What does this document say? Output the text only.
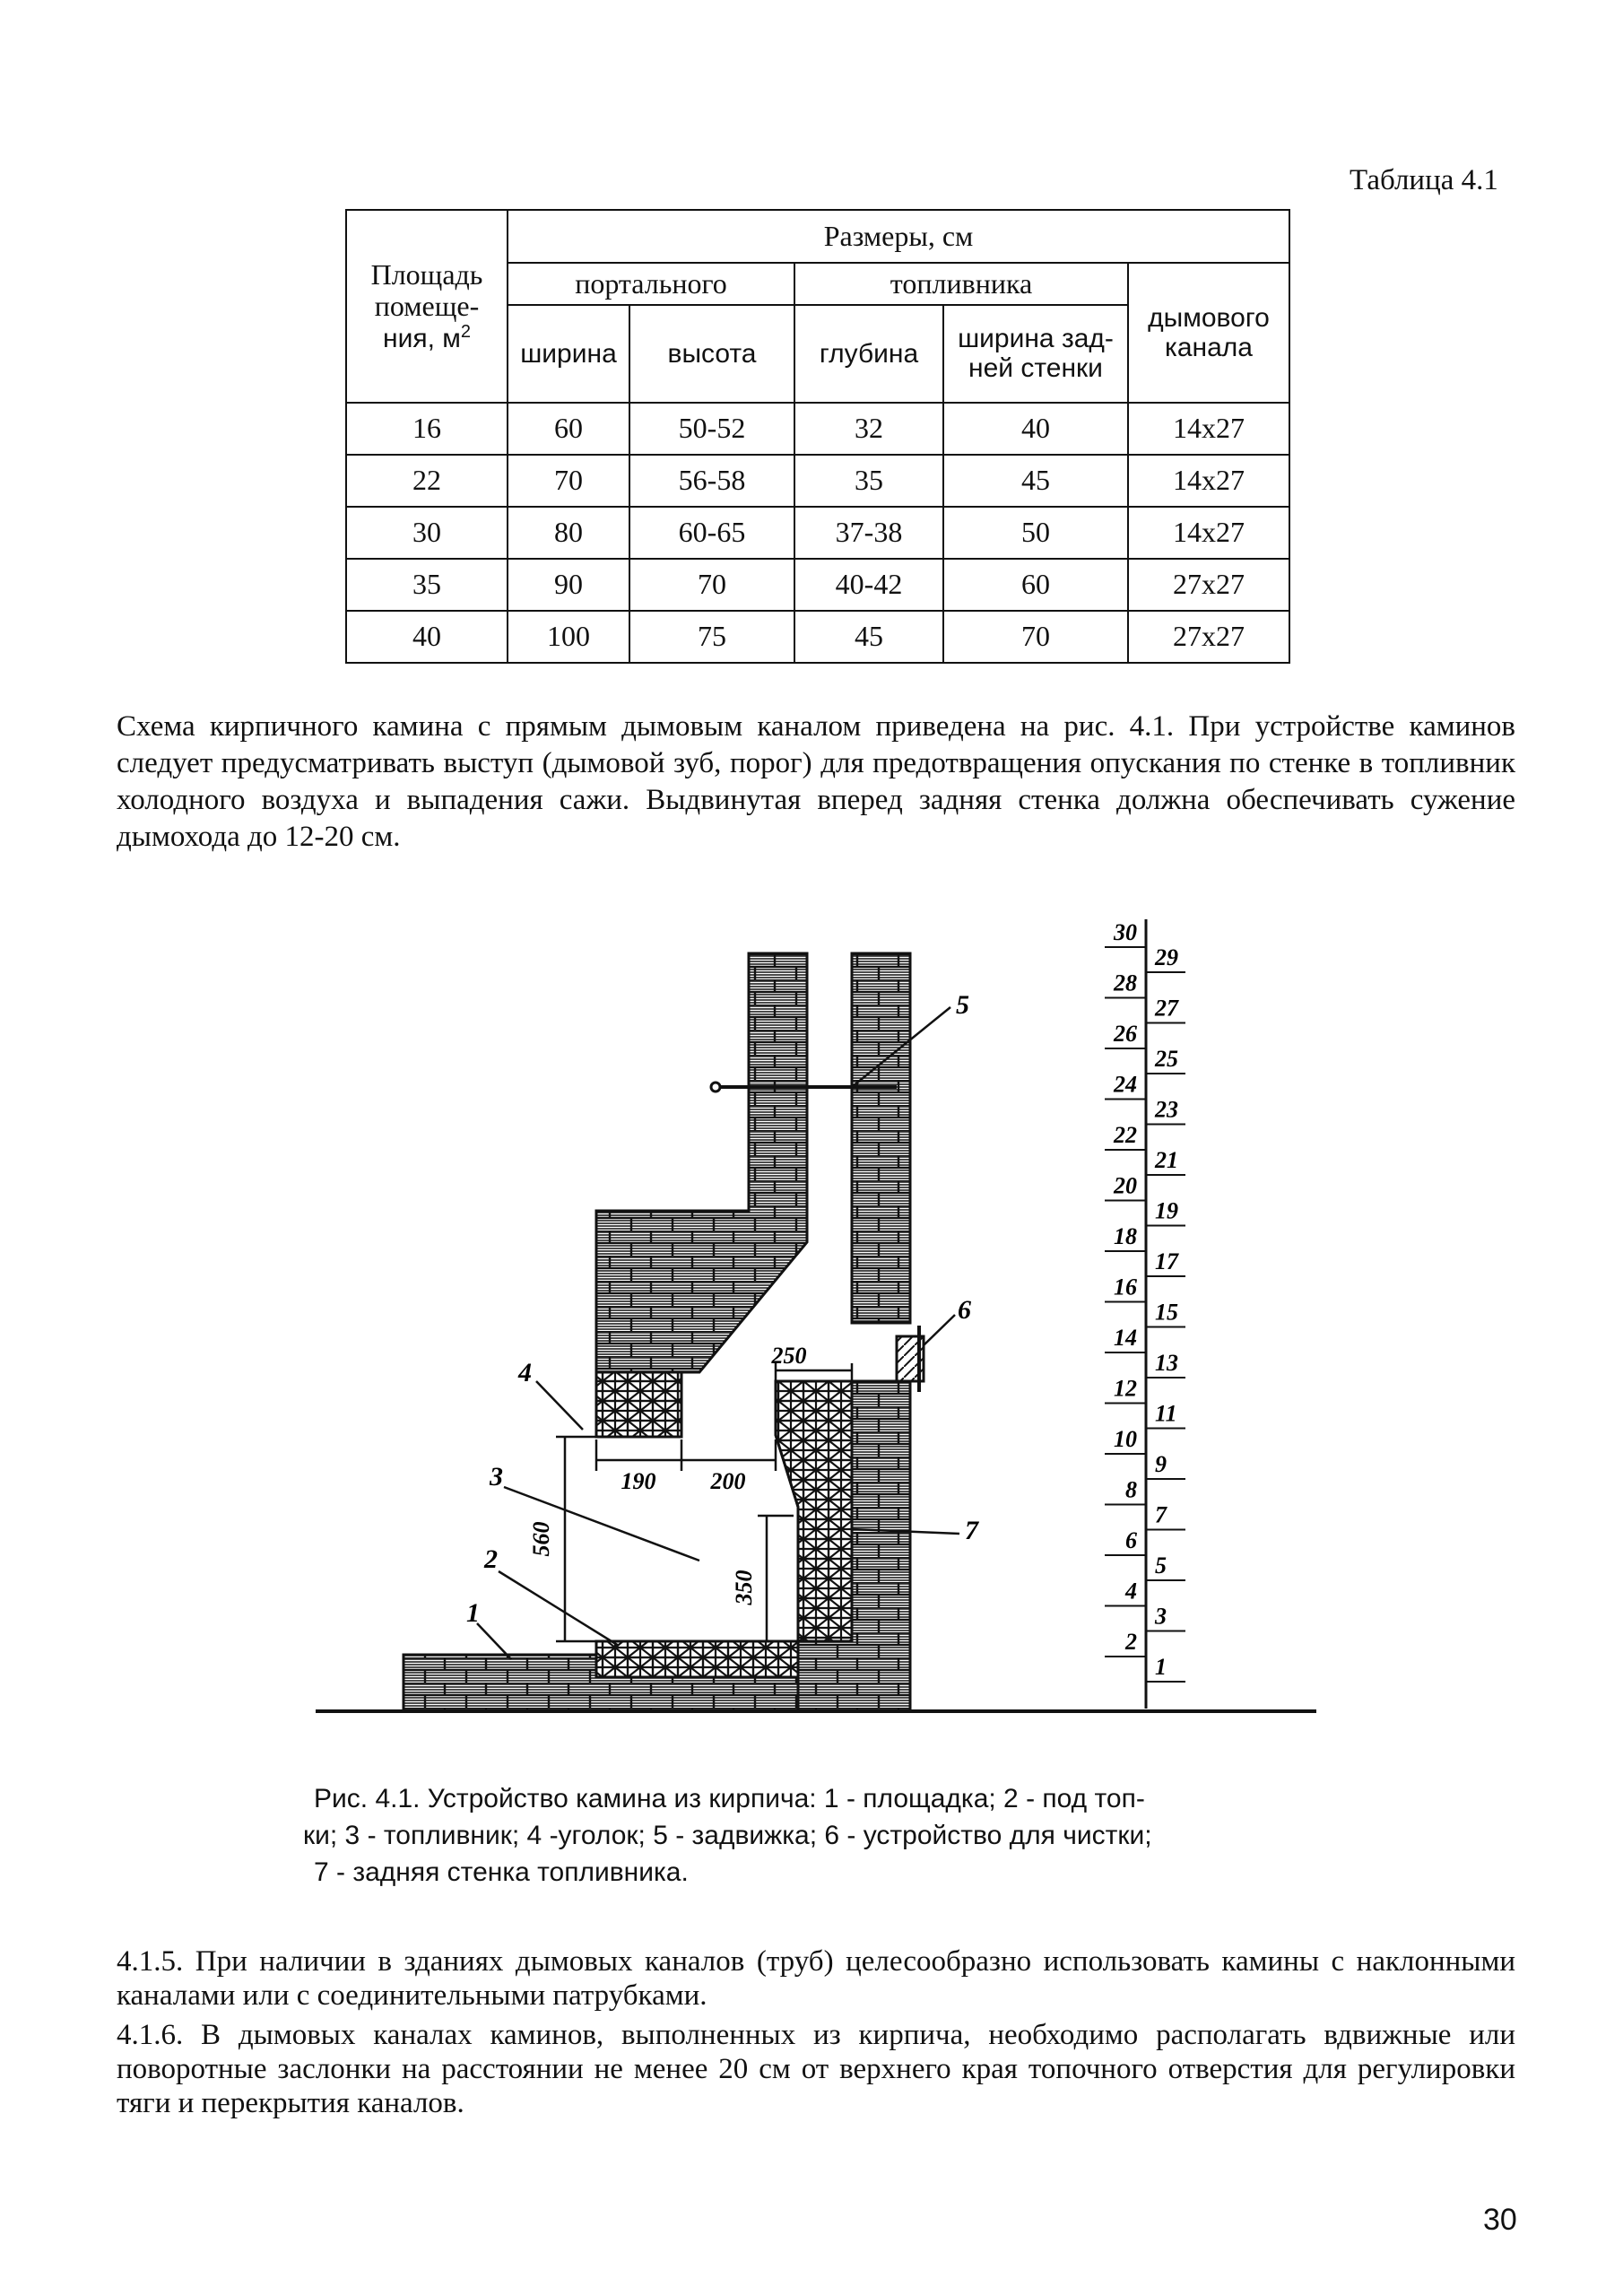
Таблица 4.1
Площадь
помеще-
ния, $м^2$	Размеры, см				
	портального		топливника		дымового
канала

	ширина	высота	глубина	ширина зад-
ней стенки	

16	60	50-52	32	40	14х27
22	70	56-58	35	45	14х27
30	80	60-65	37-38	50	14х27
35	90	70	40-42	60	27х27
40	100	75	45	70	27х27

Схема кирпичного камина с прямым дымовым каналом приведена на рис. 4.1. При устройстве каминов следует предусматривать выступ (дымовой зуб, порог) для предотвращения опускания по стенке в топливник холодного воздуха и выпадения сажи. Выдвинутая вперед задняя стенка должна обеспечивать сужение дымохода до 12-20 см.

250
190 200
560
350
1
2
3
4
5
6
7
30
28
26
24
22
20
18
16
14
12
10
8
6
4
2
29
27
25
23
21
19
17
15
13
11
9
7
5
3
1

Рис. 4.1. Устройство камина из кирпича: 1 - площадка; 2 - под топ-
ки; 3 - топливник; 4 -уголок; 5 - задвижка; 6 - устройство для чистки;
7 - задняя стенка топливника.

4.1.5. При наличии в зданиях дымовых каналов (труб) целесообразно использовать камины с наклонными каналами или с соединительными патрубками.

4.1.6. В дымовых каналах каминов, выполненных из кирпича, необходимо располагать вдвижные или поворотные заслонки на расстоянии не менее 20 см от верхнего края топочного отверстия для регулировки тяги и перекрытия каналов.

30
